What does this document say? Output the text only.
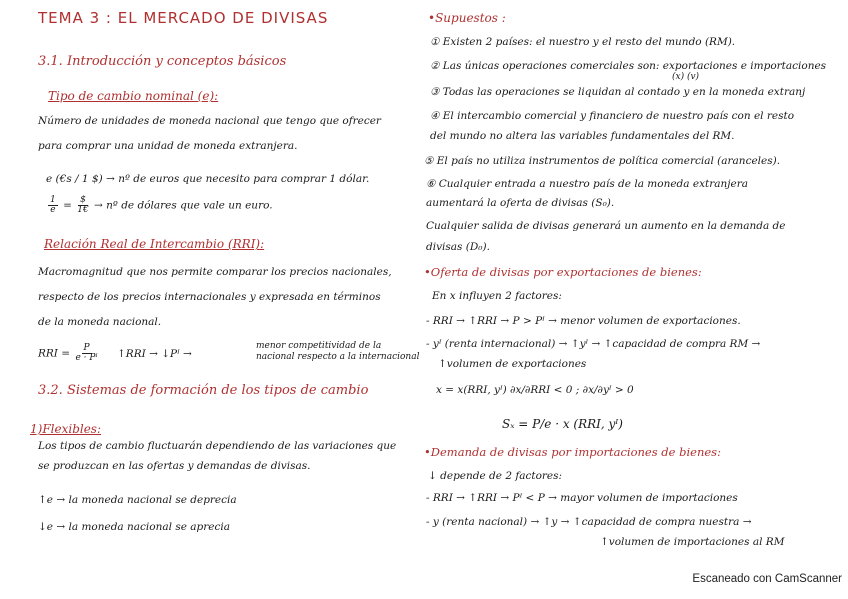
TEMA 3 : EL MERCADO DE DIVISAS
3.1. Introducción y conceptos básicos
Tipo de cambio nominal (e):
Número de unidades de moneda nacional que tengo que ofrecer
para comprar una unidad de moneda extranjera.
e (€s / 1 $) → nº de euros que necesito para comprar 1 dólar.
$\frac{1}{e} = \frac{\$}{1€}$ → nº de dólares que vale un euro.
Relación Real de Intercambio (RRI):
Macromagnitud que nos permite comparar los precios nacionales,
respecto de los precios internacionales y expresada en términos
de la moneda nacional.
RRI = $\frac{P}{\text{e · Pᴵ}}$ ↑RRI → ↓Pᴵ →
menor competitividad de la
nacional respecto a la internacional
3.2. Sistemas de formación de los tipos de cambio
1)Flexibles:
Los tipos de cambio fluctuarán dependiendo de las variaciones que
se produzcan en las ofertas y demandas de divisas.
↑e → la moneda nacional se deprecia
↓e → la moneda nacional se aprecia
•Supuestos :
① Existen 2 países: el nuestro y el resto del mundo (RM).
② Las únicas operaciones comerciales son: exportaciones e importaciones
(x) (v)
③ Todas las operaciones se liquidan al contado y en la moneda extranj
④ El intercambio comercial y financiero de nuestro país con el resto
del mundo no altera las variables fundamentales del RM.
⑤ El país no utiliza instrumentos de política comercial (aranceles).
⑥ Cualquier entrada a nuestro país de la moneda extranjera
aumentará la oferta de divisas (S₀).
Cualquier salida de divisas generará un aumento en la demanda de
divisas (D₀).
•Oferta de divisas por exportaciones de bienes:
En x influyen 2 factores:
- RRI → ↑RRI → P > Pᴵ → menor volumen de exportaciones.
- yᴵ (renta internacional) → ↑yᴵ → ↑capacidad de compra RM →
↑volumen de exportaciones
x = x(RRI, yᴵ) ∂x/∂RRI < 0 ; ∂x/∂yᴵ > 0
Sₓ = P/e · x (RRI, yᴵ)
•Demanda de divisas por importaciones de bienes:
↓ depende de 2 factores:
- RRI → ↑RRI → Pᴵ < P → mayor volumen de importaciones
- y (renta nacional) → ↑y → ↑capacidad de compra nuestra →
↑volumen de importaciones al RM
Escaneado con CamScanner
